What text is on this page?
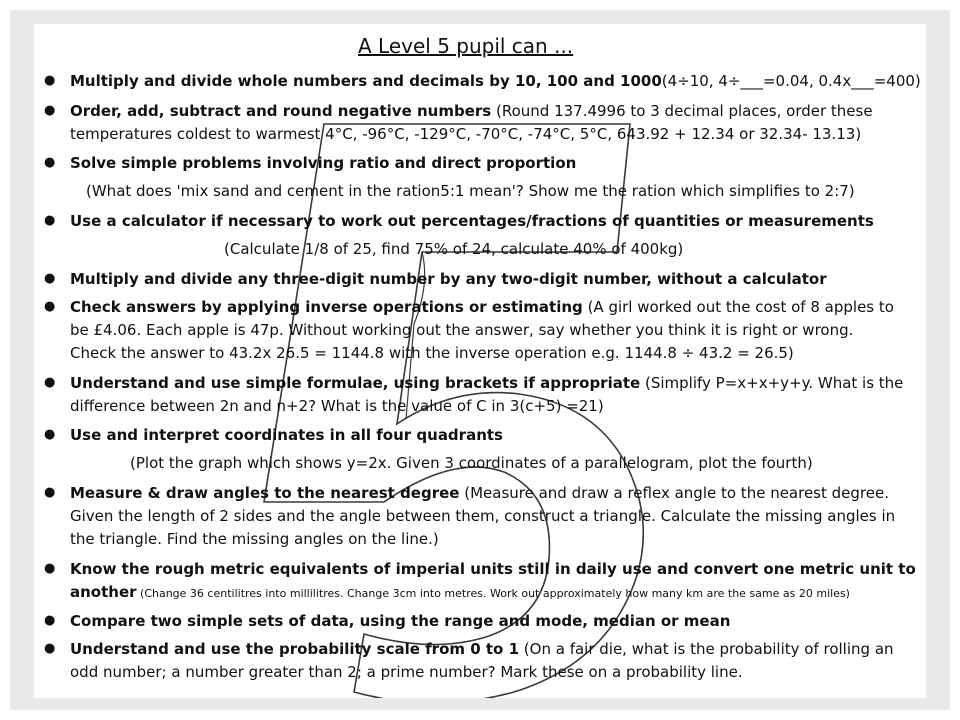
A Level 5 pupil can ...
● Multiply and divide whole numbers and decimals by 10, 100 and 1000(4÷10, 4÷___=0.04, 0.4x___=400)
● Order, add, subtract and round negative numbers (Round 137.4996 to 3 decimal places, order these
temperatures coldest to warmest 4°C, -96°C, -129°C, -70°C, -74°C, 5°C, 643.92 + 12.34 or 32.34- 13.13)
● Solve simple problems involving ratio and direct proportion
(What does 'mix sand and cement in the ration5:1 mean'? Show me the ration which simplifies to 2:7)
● Use a calculator if necessary to work out percentages/fractions of quantities or measurements
(Calculate 1/8 of 25, find 75% of 24, calculate 40% of 400kg)
● Multiply and divide any three-digit number by any two-digit number, without a calculator
● Check answers by applying inverse operations or estimating (A girl worked out the cost of 8 apples to
be £4.06. Each apple is 47p. Without working out the answer, say whether you think it is right or wrong.
Check the answer to 43.2x 26.5 = 1144.8 with the inverse operation e.g. 1144.8 ÷ 43.2 = 26.5)
● Understand and use simple formulae, using brackets if appropriate (Simplify P=x+x+y+y. What is the
difference between 2n and n+2? What is the value of C in 3(c+5) =21)
● Use and interpret coordinates in all four quadrants
(Plot the graph which shows y=2x. Given 3 coordinates of a parallelogram, plot the fourth)
● Measure & draw angles to the nearest degree (Measure and draw a reflex angle to the nearest degree.
Given the length of 2 sides and the angle between them, construct a triangle. Calculate the missing angles in
the triangle. Find the missing angles on the line.)
● Know the rough metric equivalents of imperial units still in daily use and convert one metric unit to
another (Change 36 centilitres into millilitres. Change 3cm into metres. Work out approximately how many km are the same as 20 miles)
● Compare two simple sets of data, using the range and mode, median or mean
● Understand and use the probability scale from 0 to 1 (On a fair die, what is the probability of rolling an
odd number; a number greater than 2; a prime number? Mark these on a probability line.
